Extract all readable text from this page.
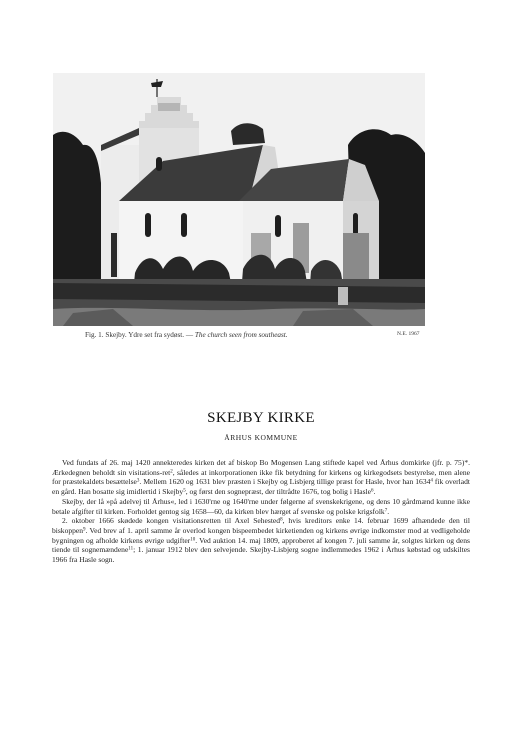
Fig. 1. Skejby. Ydre set fra sydøst. — The church seen from southeast.	N.E. 1967
SKEJBY KIRKE
ÅRHUS KOMMUNE

Ved fundats af 26. maj 1420 annekteredes kirken det af biskop Bo Mogensen Lang stiftede kapel ved Århus domkirke (jfr. p. 75)*. Ærkedegnen beholdt sin visitations-ret$^2$, således at inkorporationen ikke fik betydning for kirkens og kirkegodsets bestyrelse, men alene for præstekaldets besættelse$^3$. Mellem 1620 og 1631 blev præsten i Skejby og Lisbjerg tillige præst for Hasle, hvor han 1634$^4$ fik overladt en gård. Han bosatte sig imidlertid i Skejby$^5$, og først den sognepræst, der tiltrådte 1676, tog bolig i Hasle$^6$.

Skejby, der lå »på adelvej til Århus«, led i 1630'rne og 1640'rne under følgerne af svenskekrigene, og dens 10 gårdmænd kunne ikke betale afgifter til kirken. Forholdet gentog sig 1658—60, da kirken blev hærget af svenske og polske krigsfolk$^7$.

2. oktober 1666 skødede kongen visitationsretten til Axel Sehested$^8$, hvis kreditors enke 14. februar 1699 afhændede den til biskoppen$^9$. Ved brev af 1. april samme år overlod kongen bispeembedet kirketienden og kirkens øvrige indkomster mod at vedligeholde bygningen og afholde kirkens øvrige udgifter$^{10}$. Ved auktion 14. maj 1809, approberet af kongen 7. juli samme år, solgtes kirken og dens tiende til sognemændene$^{11}$; 1. januar 1912 blev den selvejende. Skejby-Lisbjerg sogne indlemmedes 1962 i Århus købstad og udskiltes 1966 fra Hasle sogn.
